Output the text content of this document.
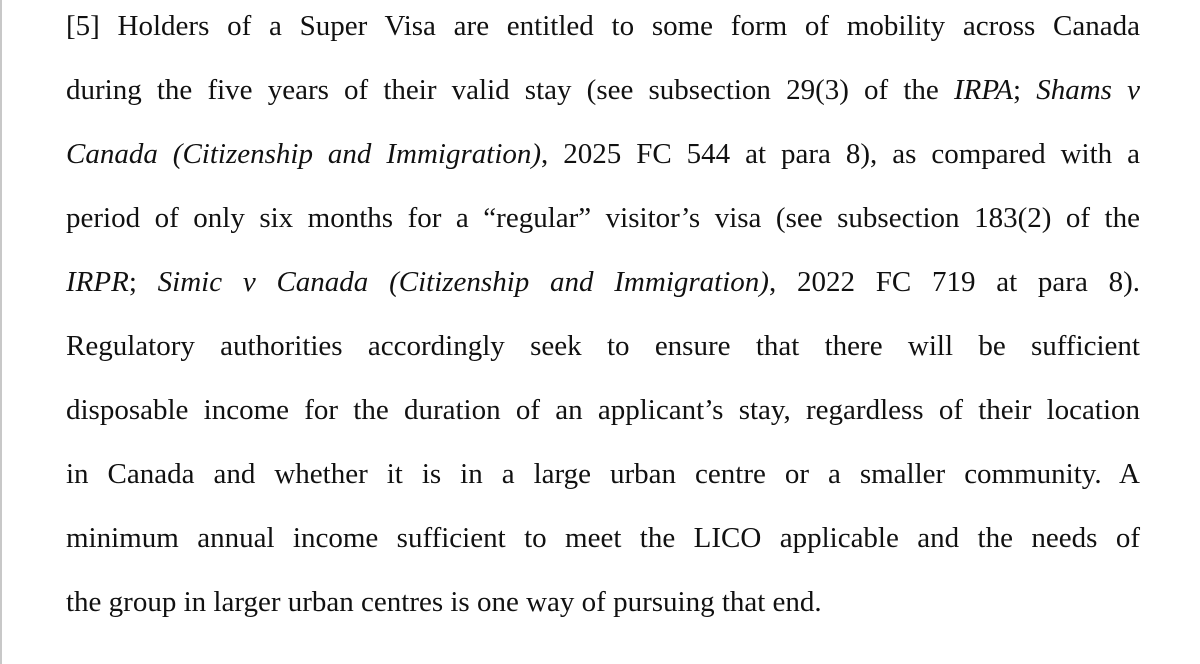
[5] Holders of a Super Visa are entitled to some form of mobility across Canada
during the five years of their valid stay (see subsection 29(3) of the IRPA; Shams v
Canada (Citizenship and Immigration), 2025 FC 544 at para 8), as compared with a
period of only six months for a “regular” visitor’s visa (see subsection 183(2) of the
IRPR; Simic v Canada (Citizenship and Immigration), 2022 FC 719 at para 8).
Regulatory authorities accordingly seek to ensure that there will be sufficient
disposable income for the duration of an applicant’s stay, regardless of their location
in Canada and whether it is in a large urban centre or a smaller community. A
minimum annual income sufficient to meet the LICO applicable and the needs of
the group in larger urban centres is one way of pursuing that end.
